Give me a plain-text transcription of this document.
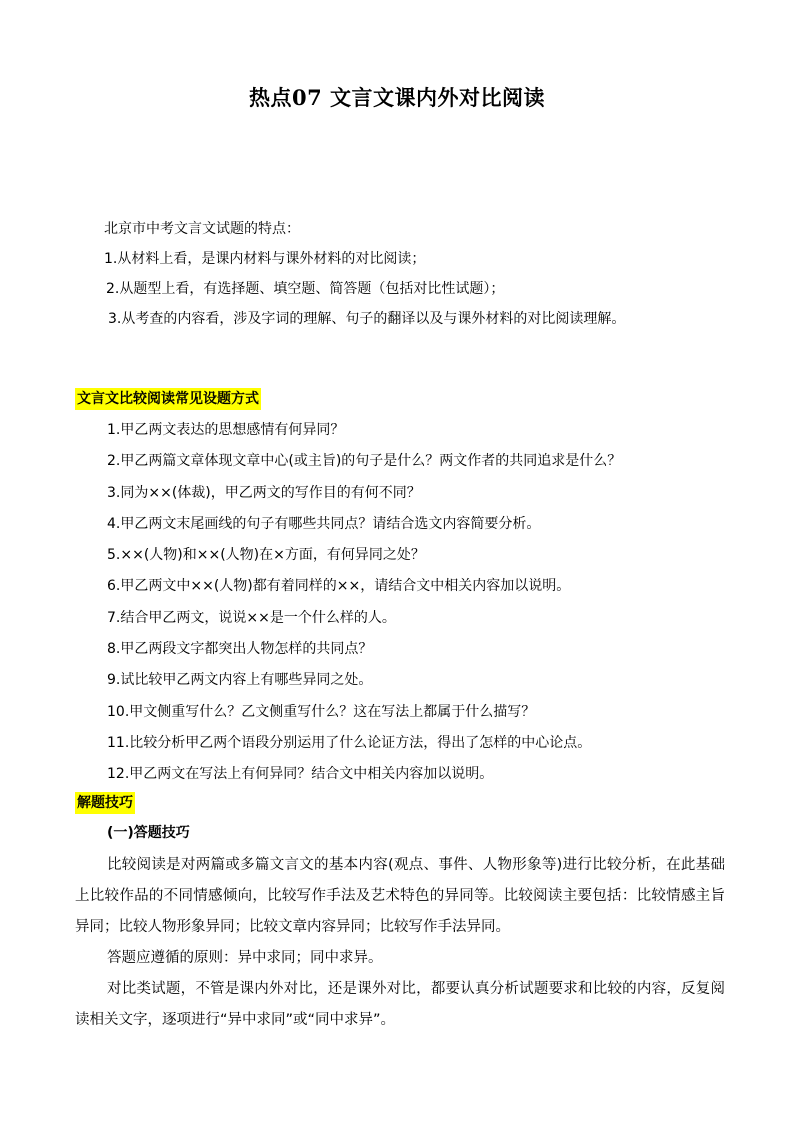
热点07 文言文课内外对比阅读
北京市中考文言文试题的特点：
1.从材料上看，是课内材料与课外材料的对比阅读；
2.从题型上看，有选择题、填空题、简答题（包括对比性试题）；
3.从考查的内容看，涉及字词的理解、句子的翻译以及与课外材料的对比阅读理解。
文言文比较阅读常见设题方式
1.甲乙两文表达的思想感情有何异同？
2.甲乙两篇文章体现文章中心(或主旨)的句子是什么？两文作者的共同追求是什么？
3.同为××(体裁)，甲乙两文的写作目的有何不同？
4.甲乙两文末尾画线的句子有哪些共同点？请结合选文内容简要分析。
5.××(人物)和××(人物)在×方面，有何异同之处？
6.甲乙两文中××(人物)都有着同样的××，请结合文中相关内容加以说明。
7.结合甲乙两文，说说××是一个什么样的人。
8.甲乙两段文字都突出人物怎样的共同点？
9.试比较甲乙两文内容上有哪些异同之处。
10.甲文侧重写什么？乙文侧重写什么？这在写法上都属于什么描写？
11.比较分析甲乙两个语段分别运用了什么论证方法，得出了怎样的中心论点。
12.甲乙两文在写法上有何异同？结合文中相关内容加以说明。
解题技巧
(一)答题技巧

比较阅读是对两篇或多篇文言文的基本内容(观点、事件、人物形象等)进行比较分析，在此基础上比较作品的不同情感倾向，比较写作手法及艺术特色的异同等。比较阅读主要包括：比较情感主旨异同；比较人物形象异同；比较文章内容异同；比较写作手法异同。

答题应遵循的原则：异中求同；同中求异。

对比类试题，不管是课内外对比，还是课外对比，都要认真分析试题要求和比较的内容，反复阅读相关文字，逐项进行“异中求同”或“同中求异”。
